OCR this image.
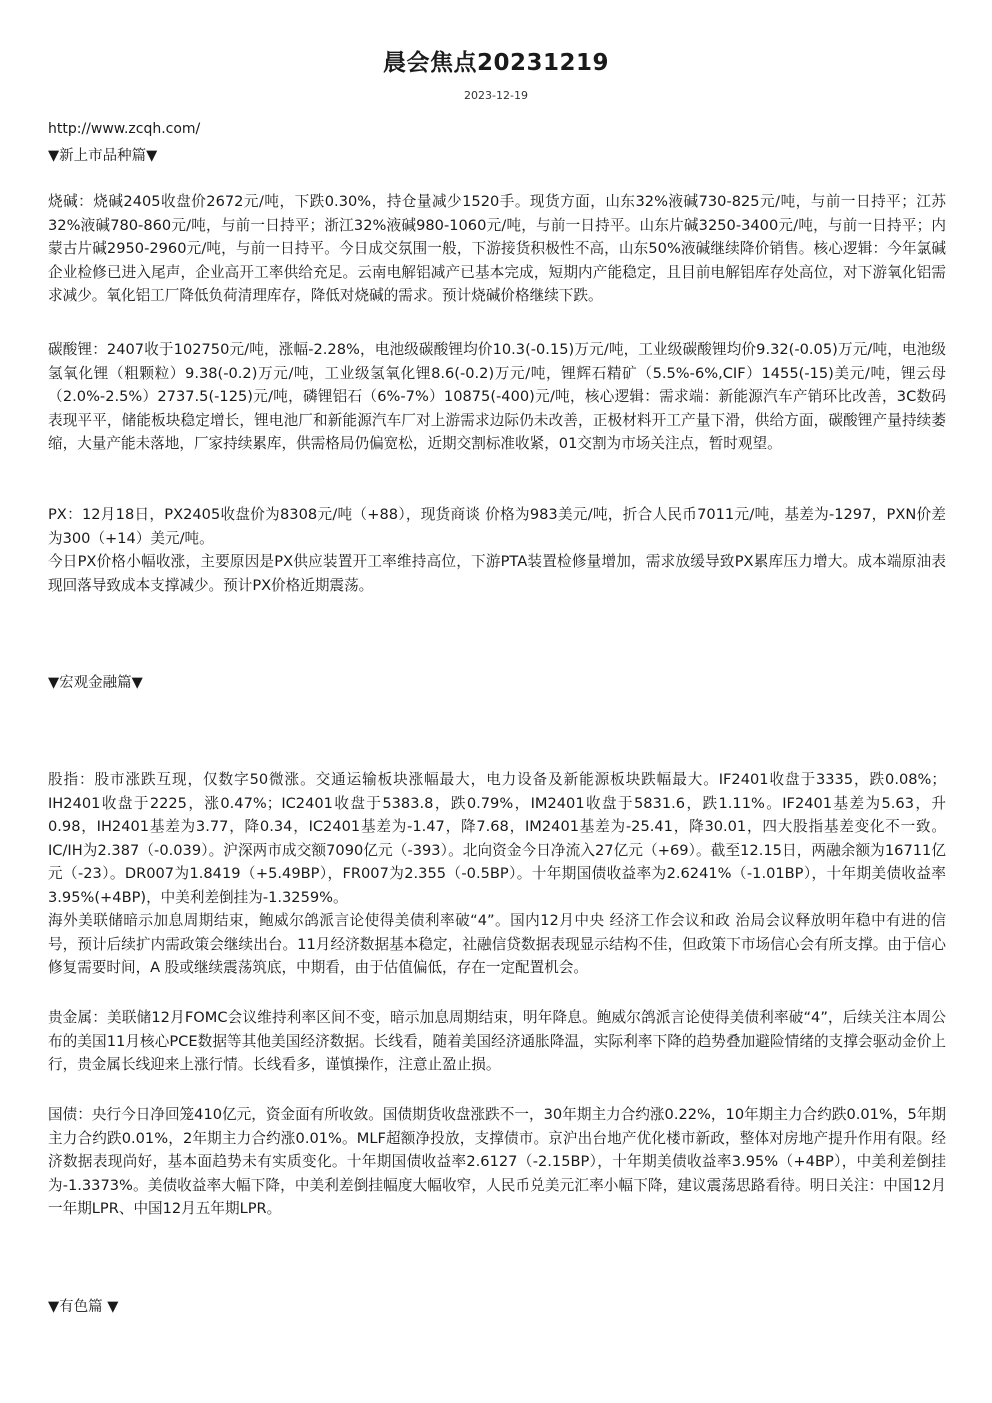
晨会焦点20231219
2023-12-19
http://www.zcqh.com/
▼新上市品种篇▼

烧碱：烧碱2405收盘价2672元/吨，下跌0.30%，持仓量减少1520手。现货方面，山东32%液碱730-825元/吨，与前一日持平；江苏32%液碱780-860元/吨，与前一日持平；浙江32%液碱980-1060元/吨，与前一日持平。山东片碱3250-3400元/吨，与前一日持平；内蒙古片碱2950-2960元/吨，与前一日持平。今日成交氛围一般，下游接货积极性不高，山东50%液碱继续降价销售。核心逻辑：今年氯碱企业检修已进入尾声，企业高开工率供给充足。云南电解铝减产已基本完成，短期内产能稳定，且目前电解铝库存处高位，对下游氧化铝需求减少。氧化铝工厂降低负荷清理库存，降低对烧碱的需求。预计烧碱价格继续下跌。

碳酸锂：2407收于102750元/吨，涨幅-2.28%，电池级碳酸锂均价10.3(-0.15)万元/吨，工业级碳酸锂均价9.32(-0.05)万元/吨，电池级氢氧化锂（粗颗粒）9.38(-0.2)万元/吨，工业级氢氧化锂8.6(-0.2)万元/吨，锂辉石精矿（5.5%-6%,CIF）1455(-15)美元/吨，锂云母（2.0%-2.5%）2737.5(-125)元/吨，磷锂铝石（6%-7%）10875(-400)元/吨，核心逻辑：需求端：新能源汽车产销环比改善，3C数码表现平平，储能板块稳定增长，锂电池厂和新能源汽车厂对上游需求边际仍未改善，正极材料开工产量下滑，供给方面，碳酸锂产量持续萎缩，大量产能未落地，厂家持续累库，供需格局仍偏宽松，近期交割标准收紧，01交割为市场关注点，暂时观望。

PX：12月18日，PX2405收盘价为8308元/吨（+88），现货商谈 价格为983美元/吨，折合人民币7011元/吨，基差为-1297，PXN价差为300（+14）美元/吨。

今日PX价格小幅收涨，主要原因是PX供应装置开工率维持高位，下游PTA装置检修量增加，需求放缓导致PX累库压力增大。成本端原油表现回落导致成本支撑减少。预计PX价格近期震荡。

▼宏观金融篇▼

股指：股市涨跌互现，仅数字50微涨。交通运输板块涨幅最大，电力设备及新能源板块跌幅最大。IF2401收盘于3335，跌0.08%；IH2401收盘于2225，涨0.47%；IC2401收盘于5383.8，跌0.79%，IM2401收盘于5831.6，跌1.11%。IF2401基差为5.63，升0.98，IH2401基差为3.77，降0.34，IC2401基差为-1.47，降7.68，IM2401基差为-25.41，降30.01，四大股指基差变化不一致。IC/IH为2.387（-0.039）。沪深两市成交额7090亿元（-393）。北向资金今日净流入27亿元（+69）。截至12.15日，两融余额为16711亿元（-23）。DR007为1.8419（+5.49BP），FR007为2.355（-0.5BP）。十年期国债收益率为2.6241%（-1.01BP），十年期美债收益率3.95%(+4BP)，中美利差倒挂为-1.3259%。

海外美联储暗示加息周期结束，鲍威尔鸽派言论使得美债利率破“4”。国内12月中央 经济工作会议和政 治局会议释放明年稳中有进的信号，预计后续扩内需政策会继续出台。11月经济数据基本稳定，社融信贷数据表现显示结构不佳，但政策下市场信心会有所支撑。由于信心修复需要时间，A 股或继续震荡筑底，中期看，由于估值偏低，存在一定配置机会。

贵金属：美联储12月FOMC会议维持利率区间不变，暗示加息周期结束，明年降息。鲍威尔鸽派言论使得美债利率破“4”，后续关注本周公布的美国11月核心PCE数据等其他美国经济数据。长线看，随着美国经济通胀降温，实际利率下降的趋势叠加避险情绪的支撑会驱动金价上行，贵金属长线迎来上涨行情。长线看多，谨慎操作，注意止盈止损。

国债：央行今日净回笼410亿元，资金面有所收敛。国债期货收盘涨跌不一，30年期主力合约涨0.22%，10年期主力合约跌0.01%，5年期主力合约跌0.01%，2年期主力合约涨0.01%。MLF超额净投放，支撑债市。京沪出台地产优化楼市新政，整体对房地产提升作用有限。经济数据表现尚好，基本面趋势未有实质变化。十年期国债收益率2.6127（-2.15BP），十年期美债收益率3.95%（+4BP），中美利差倒挂为-1.3373%。美债收益率大幅下降，中美利差倒挂幅度大幅收窄，人民币兑美元汇率小幅下降，建议震荡思路看待。明日关注：中国12月一年期LPR、中国12月五年期LPR。

▼有色篇 ▼
